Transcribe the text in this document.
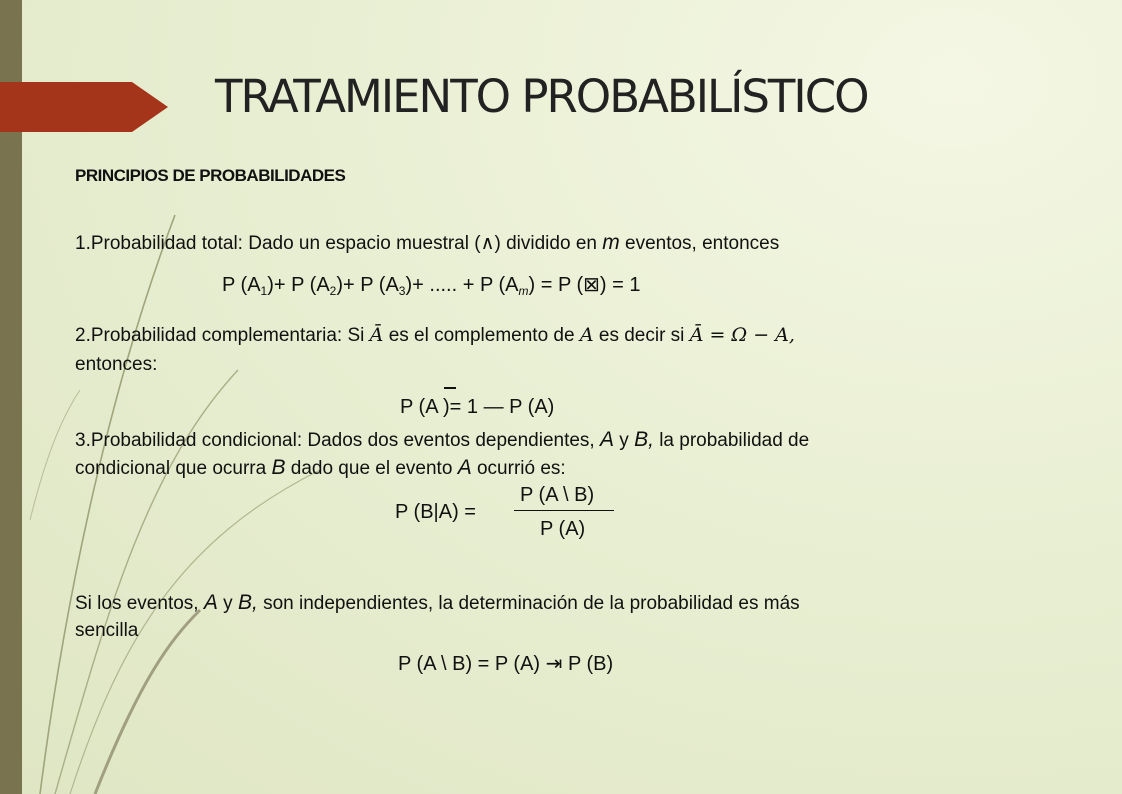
TRATAMIENTO PROBABILÍSTICO
PRINCIPIOS DE PROBABILIDADES
1.Probabilidad total: Dado un espacio muestral (∧) dividido en m eventos, entonces
P $(A_1)+ P$ $(A_2)+ P$ $(A_3)+$ ..... + P $(A_m) = P$ (⊠) = 1
2.Probabilidad complementaria: Si Ā es el complemento de A es decir si Ā = Ω − A,
entonces:
P (A )= 1 — P (A)
3.Probabilidad condicional: Dados dos eventos dependientes, A y B, la probabilidad de
condicional que ocurra B dado que el evento A ocurrió es:
P (B|A) =
P (A \ B)
P (A)
Si los eventos, A y B, son independientes, la determinación de la probabilidad es más
sencilla
P (A \ B) = P (A) ⇥ P (B)
